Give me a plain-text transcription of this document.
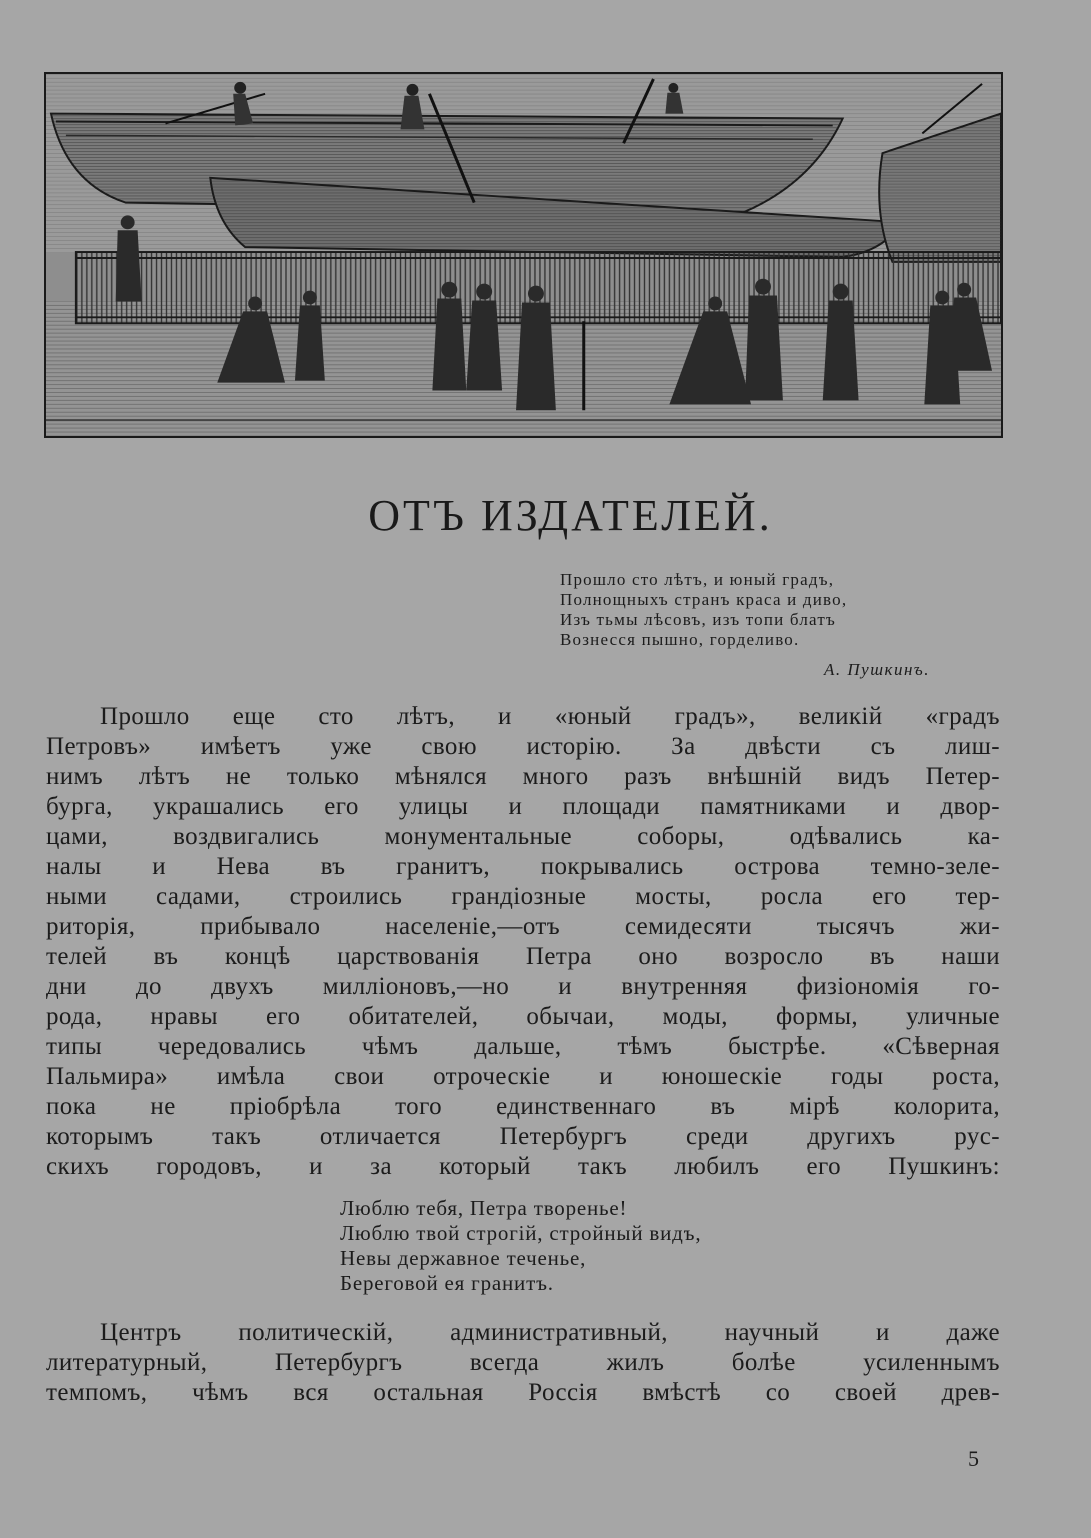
ОТЪ ИЗДАТЕЛЕЙ.
Прошло сто лѣтъ, и юный градъ,
Полнощныхъ странъ краса и диво,
Изъ тьмы лѣсовъ, изъ топи блатъ
Вознесся пышно, горделиво.
А. Пушкинъ.
Прошло еще сто лѣтъ, и «юный градъ», великій «градъ
Петровъ» имѣетъ уже свою исторію. За двѣсти съ лиш-
нимъ лѣтъ не только мѣнялся много разъ внѣшній видъ Петер-
бурга, украшались его улицы и площади памятниками и двор-
цами, воздвигались монументальные соборы, одѣвались ка-
налы и Нева въ гранитъ, покрывались острова темно-зеле-
ными садами, строились грандіозные мосты, росла его тер-
риторія, прибывало населеніе,—отъ семидесяти тысячъ жи-
телей въ концѣ царствованія Петра оно возросло въ наши
дни до двухъ милліоновъ,—но и внутренняя физіономія го-
рода, нравы его обитателей, обычаи, моды, формы, уличные
типы чередовались чѣмъ дальше, тѣмъ быстрѣе. «Сѣверная
Пальмира» имѣла свои отроческіе и юношескіе годы роста,
пока не пріобрѣла того единственнаго въ мірѣ колорита,
которымъ такъ отличается Петербургъ среди другихъ рус-
скихъ городовъ, и за который такъ любилъ его Пушкинъ:
Люблю тебя, Петра творенье!
Люблю твой строгій, стройный видъ,
Невы державное теченье,
Береговой ея гранитъ.
Центръ политическій, административный, научный и даже
литературный, Петербургъ всегда жилъ болѣе усиленнымъ
темпомъ, чѣмъ вся остальная Россія вмѣстѣ со своей древ-
5
